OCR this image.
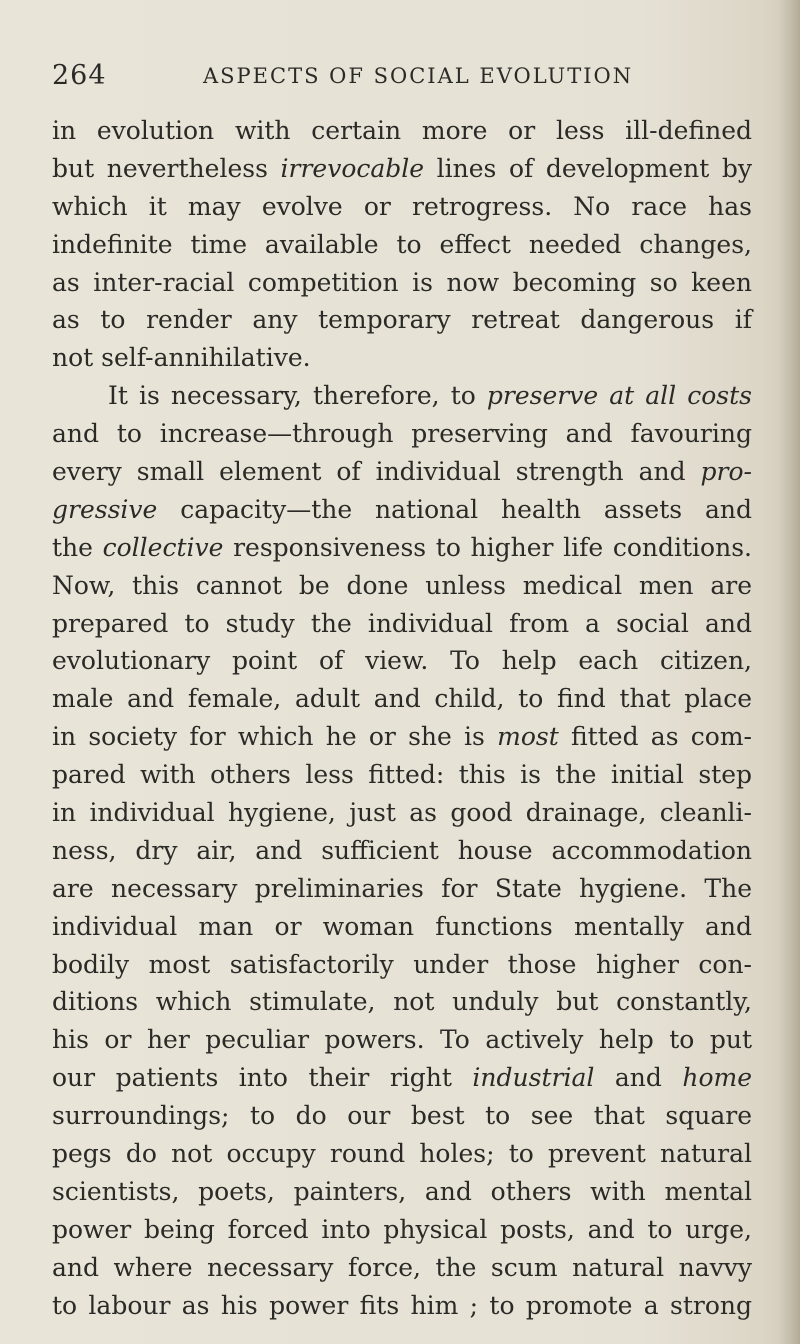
264	ASPECTS OF SOCIAL EVOLUTION
in evolution with certain more or less ill-defined
but nevertheless irrevocable lines of development by
which it may evolve or retrogress. No race has
indefinite time available to effect needed changes,
as inter-racial competition is now becoming so keen
as to render any temporary retreat dangerous if
not self-annihilative.
It is necessary, therefore, to preserve at all costs
and to increase—through preserving and favouring
every small element of individual strength and pro-
gressive capacity—the national health assets and
the collective responsiveness to higher life conditions.
Now, this cannot be done unless medical men are
prepared to study the individual from a social and
evolutionary point of view. To help each citizen,
male and female, adult and child, to find that place
in society for which he or she is most fitted as com-
pared with others less fitted: this is the initial step
in individual hygiene, just as good drainage, cleanli-
ness, dry air, and sufficient house accommodation
are necessary preliminaries for State hygiene. The
individual man or woman functions mentally and
bodily most satisfactorily under those higher con-
ditions which stimulate, not unduly but constantly,
his or her peculiar powers. To actively help to put
our patients into their right industrial and home
surroundings; to do our best to see that square
pegs do not occupy round holes; to prevent natural
scientists, poets, painters, and others with mental
power being forced into physical posts, and to urge,
and where necessary force, the scum natural navvy
to labour as his power fits him ; to promote a strong
